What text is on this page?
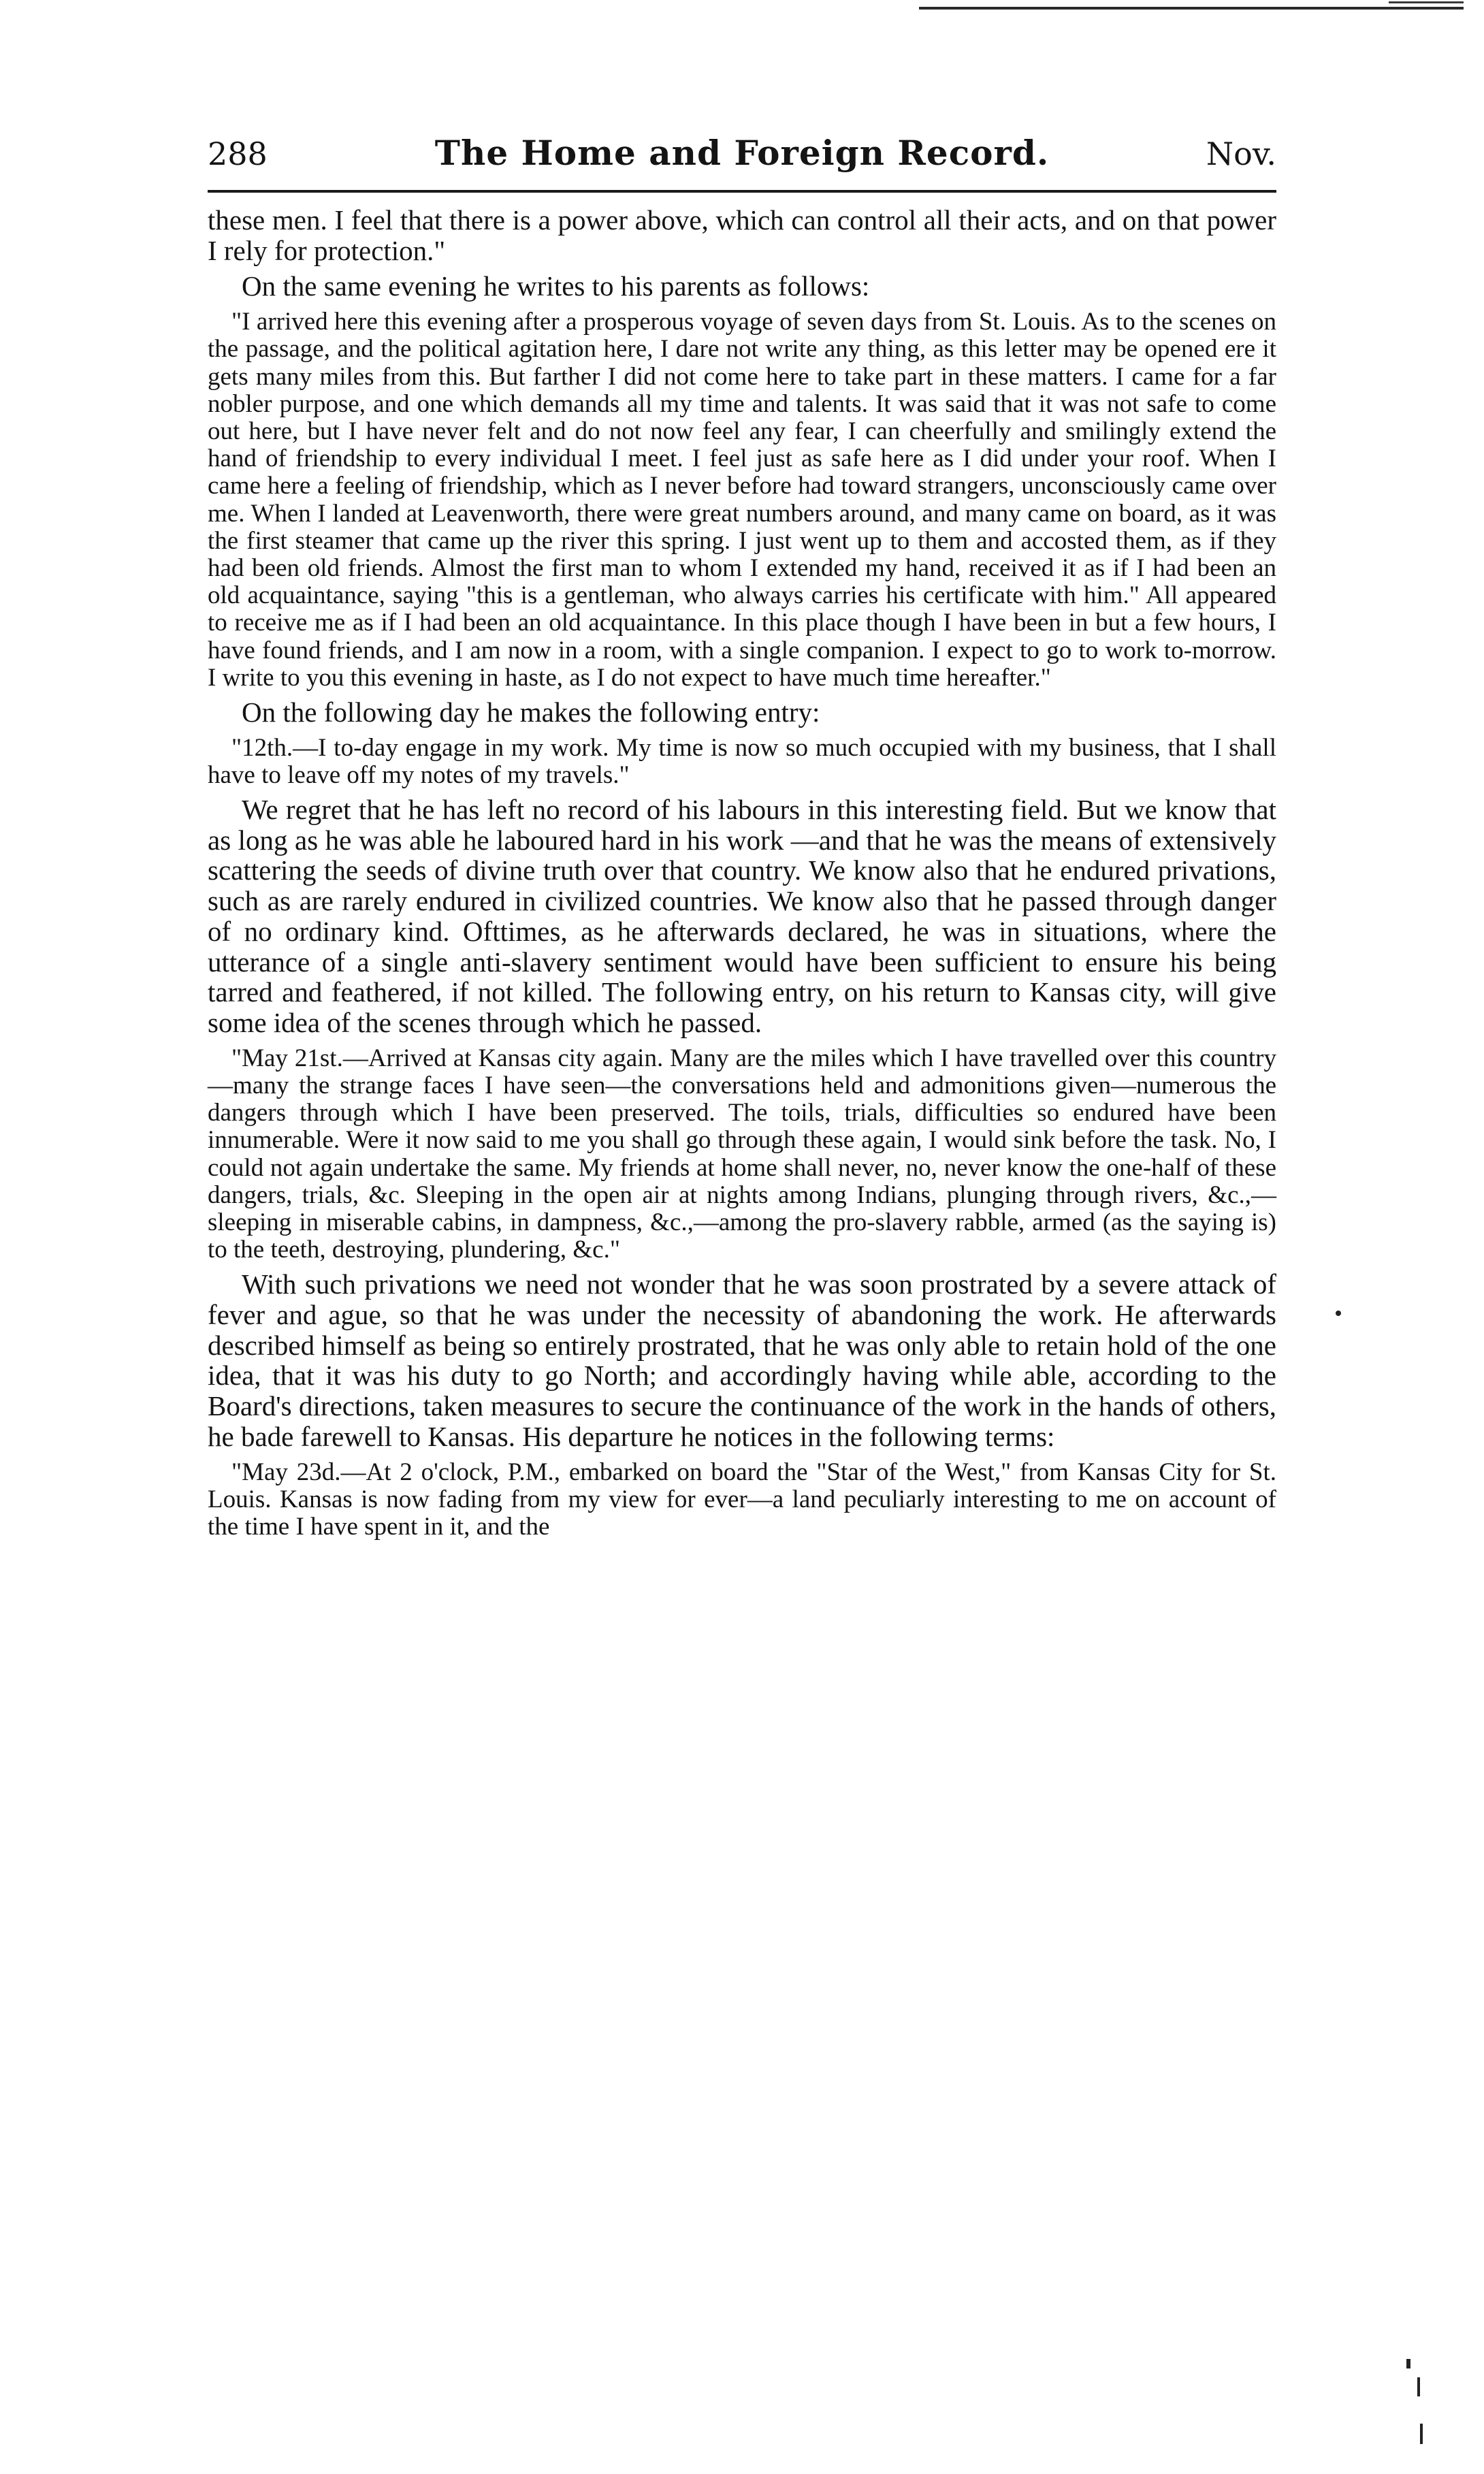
288	The Home and Foreign Record.	Nov.

these men. I feel that there is a power above, which can control all their acts, and on that power I rely for protection."

On the same evening he writes to his parents as follows:

"I arrived here this evening after a prosperous voyage of seven days from St. Louis. As to the scenes on the passage, and the political agitation here, I dare not write any thing, as this letter may be opened ere it gets many miles from this. But farther I did not come here to take part in these matters. I came for a far nobler purpose, and one which demands all my time and talents. It was said that it was not safe to come out here, but I have never felt and do not now feel any fear, I can cheerfully and smilingly extend the hand of friendship to every individual I meet. I feel just as safe here as I did under your roof. When I came here a feeling of friendship, which as I never before had toward strangers, unconsciously came over me. When I landed at Leavenworth, there were great numbers around, and many came on board, as it was the first steamer that came up the river this spring. I just went up to them and accosted them, as if they had been old friends. Almost the first man to whom I extended my hand, received it as if I had been an old acquaintance, saying "this is a gentleman, who always carries his certificate with him." All appeared to receive me as if I had been an old acquaintance. In this place though I have been in but a few hours, I have found friends, and I am now in a room, with a single companion. I expect to go to work to-morrow. I write to you this evening in haste, as I do not expect to have much time hereafter."

On the following day he makes the following entry:

"12th.—I to-day engage in my work. My time is now so much occupied with my business, that I shall have to leave off my notes of my travels."

We regret that he has left no record of his labours in this interesting field. But we know that as long as he was able he laboured hard in his work —and that he was the means of extensively scattering the seeds of divine truth over that country. We know also that he endured privations, such as are rarely endured in civilized countries. We know also that he passed through danger of no ordinary kind. Ofttimes, as he afterwards declared, he was in situations, where the utterance of a single anti-slavery sentiment would have been sufficient to ensure his being tarred and feathered, if not killed. The following entry, on his return to Kansas city, will give some idea of the scenes through which he passed.

"May 21st.—Arrived at Kansas city again. Many are the miles which I have travelled over this country—many the strange faces I have seen—the conversations held and admonitions given—numerous the dangers through which I have been preserved. The toils, trials, difficulties so endured have been innumerable. Were it now said to me you shall go through these again, I would sink before the task. No, I could not again undertake the same. My friends at home shall never, no, never know the one-half of these dangers, trials, &c. Sleeping in the open air at nights among Indians, plunging through rivers, &c.,—sleeping in miserable cabins, in dampness, &c.,—among the pro-slavery rabble, armed (as the saying is) to the teeth, destroying, plundering, &c."

With such privations we need not wonder that he was soon prostrated by a severe attack of fever and ague, so that he was under the necessity of abandoning the work. He afterwards described himself as being so entirely prostrated, that he was only able to retain hold of the one idea, that it was his duty to go North; and accordingly having while able, according to the Board's directions, taken measures to secure the continuance of the work in the hands of others, he bade farewell to Kansas. His departure he notices in the following terms:

"May 23d.—At 2 o'clock, P.M., embarked on board the "Star of the West," from Kansas City for St. Louis. Kansas is now fading from my view for ever—a land peculiarly interesting to me on account of the time I have spent in it, and the
